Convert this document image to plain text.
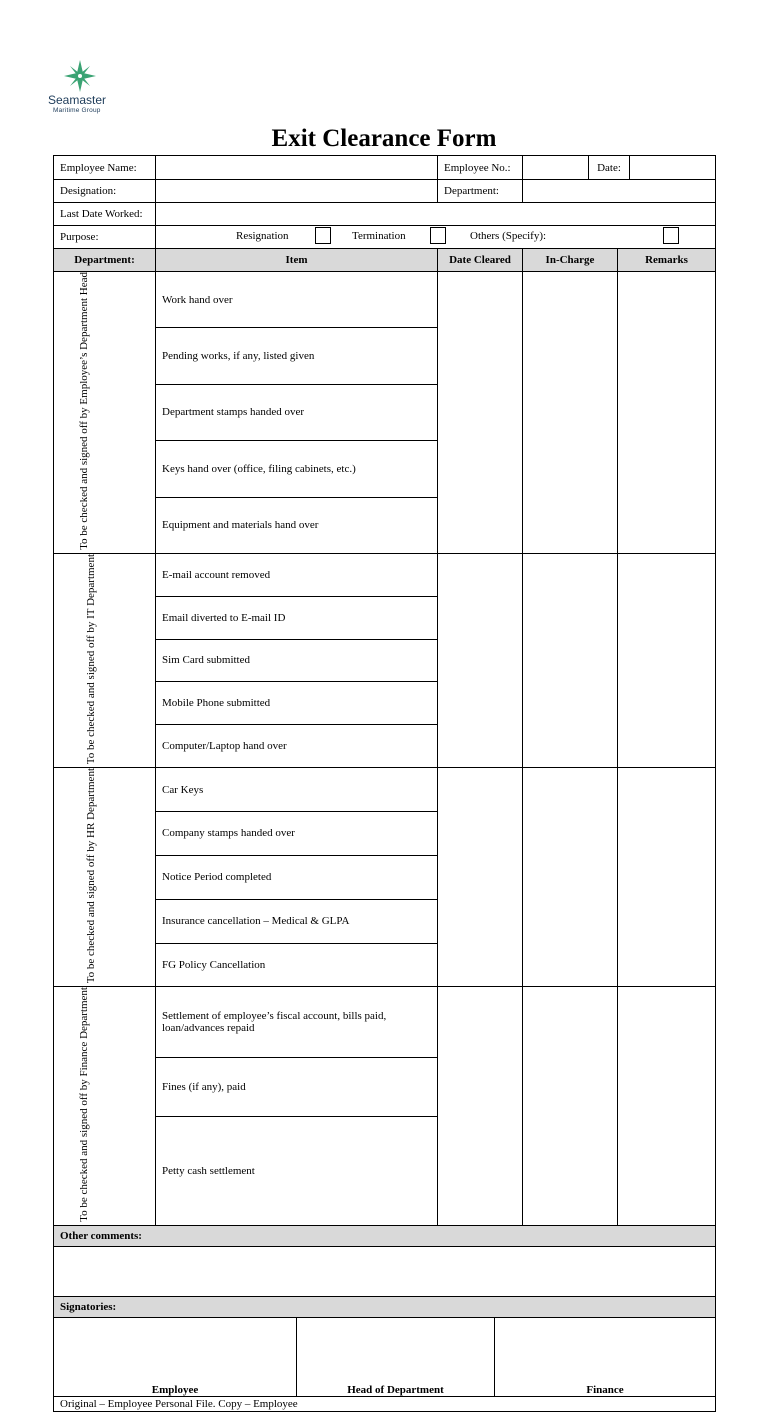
Seamaster
Maritime Group
Exit Clearance Form
Employee Name:		Employee No.:		Date:	

Designation:		Department:			
Last Date Worked:					
Purpose:	Resignation Termination Others (Specify):				

Department:	Item	Date Cleared	In-Charge		Remarks
To be checked and signed off by Employee’s Department Head	Work hand over				
	Pending works, if any, listed given				
	Department stamps handed over				
	Keys hand over (office, filing cabinets, etc.)				
	Equipment and materials hand over				
To be checked and signed off by IT Department	E-mail account removed				
	Email diverted to E-mail ID				
	Sim Card submitted				
	Mobile Phone submitted				
	Computer/Laptop hand over				
To be checked and signed off by HR Department	Car Keys				
	Company stamps handed over				
	Notice Period completed				
	Insurance cancellation – Medical & GLPA				
	FG Policy Cancellation				
To be checked and signed off by Finance Department	Settlement of employee’s fiscal account, bills paid, loan/advances repaid				
	Fines (if any), paid				
	Petty cash settlement				
Other comments:					

Signatories:					

Employee Head of Department Finance					

Original – Employee Personal File. Copy – Employee					
